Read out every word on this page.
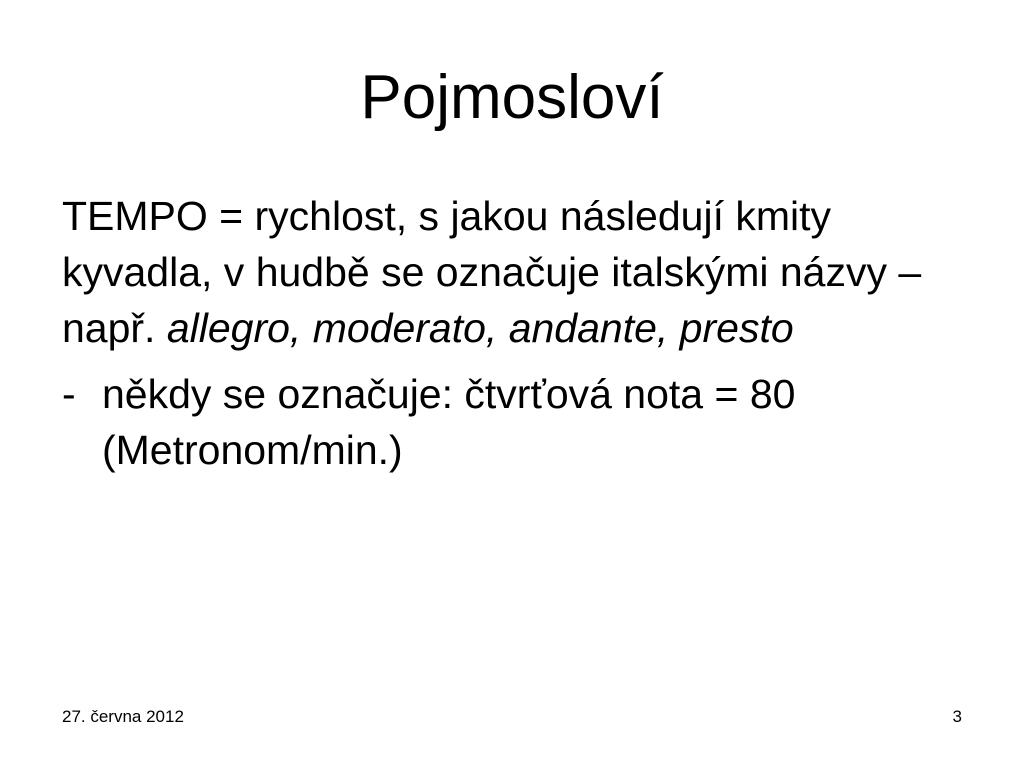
Pojmosloví

TEMPO = rychlost, s jakou následují kmity kyvadla, v hudbě se označuje italskými názvy – např. allegro, moderato, andante, presto

- někdy se označuje: čtvrťová nota = 80 (Metronom/min.)
27. června 2012	3
